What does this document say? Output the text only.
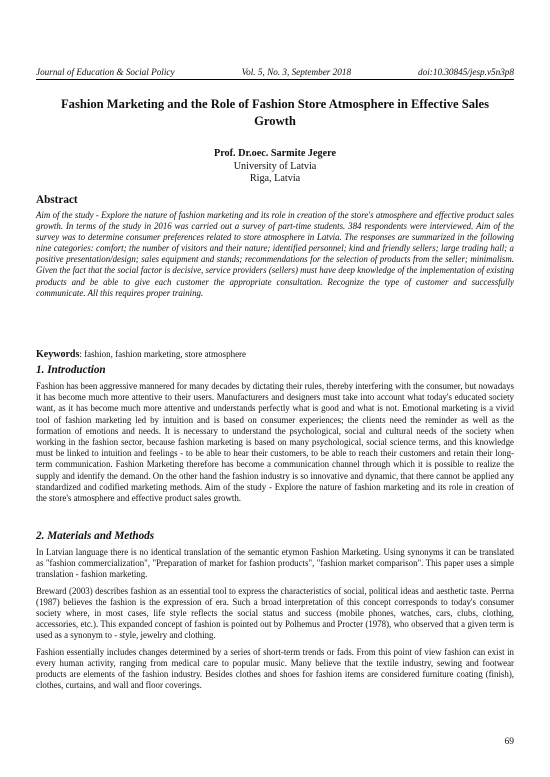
Journal of Education & Social Policy	Vol. 5, No. 3, September 2018	doi:10.30845/jesp.v5n3p8
Fashion Marketing and the Role of Fashion Store Atmosphere in Effective Sales Growth
Prof. Dr.oec. Sarmite Jegere
University of Latvia
Riga, Latvia
Abstract
Aim of the study - Explore the nature of fashion marketing and its role in creation of the store's atmosphere and effective product sales growth. In terms of the study in 2016 was carried out a survey of part-time students. 384 respondents were interviewed. Aim of the survey was to determine consumer preferences related to store atmosphere in Latvia. The responses are summarized in the following nine categories: comfort; the number of visitors and their nature; identified personnel; kind and friendly sellers; large trading hall; a positive presentation/design; sales equipment and stands; recommendations for the selection of products from the seller; minimalism. Given the fact that the social factor is decisive, service providers (sellers) must have deep knowledge of the implementation of existing products and be able to give each customer the appropriate consultation. Recognize the type of customer and successfully communicate. All this requires proper training.
Keywords: fashion, fashion marketing, store atmosphere
1. Introduction

Fashion has been aggressive mannered for many decades by dictating their rules, thereby interfering with the consumer, but nowadays it has become much more attentive to their users. Manufacturers and designers must take into account what today's educated society want, as it has become much more attentive and understands perfectly what is good and what is not. Emotional marketing is a vivid tool of fashion marketing led by intuition and is based on consumer experiences; the clients need the reminder as well as the formation of emotions and needs. It is necessary to understand the psychological, social and cultural needs of the society when working in the fashion sector, because fashion marketing is based on many psychological, social science terms, and this knowledge must be linked to intuition and feelings - to be able to hear their customers, to be able to reach their customers and retain their long-term communication. Fashion Marketing therefore has become a communication channel through which it is possible to realize the supply and identify the demand. On the other hand the fashion industry is so innovative and dynamic, that there cannot be applied any standardized and codified marketing methods. Aim of the study - Explore the nature of fashion marketing and its role in creation of the store's atmosphere and effective product sales growth.

2. Materials and Methods

In Latvian language there is no identical translation of the semantic etymon Fashion Marketing. Using synonyms it can be translated as "fashion commercialization", "Preparation of market for fashion products", "fashion market comparison". This paper uses a simple translation - fashion marketing.

Breward (2003) describes fashion as an essential tool to express the characteristics of social, political ideas and aesthetic taste. Perrna (1987) believes the fashion is the expression of era. Such a broad interpretation of this concept corresponds to today's consumer society where, in most cases, life style reflects the social status and success (mobile phones, watches, cars, clubs, clothing, accessories, etc.). This expanded concept of fashion is pointed out by Polhemus and Procter (1978), who observed that a given term is used as a synonym to - style, jewelry and clothing.

Fashion essentially includes changes determined by a series of short-term trends or fads. From this point of view fashion can exist in every human activity, ranging from medical care to popular music. Many believe that the textile industry, sewing and footwear products are elements of the fashion industry. Besides clothes and shoes for fashion items are considered furniture coating (finish), clothes, curtains, and wall and floor coverings.

69
